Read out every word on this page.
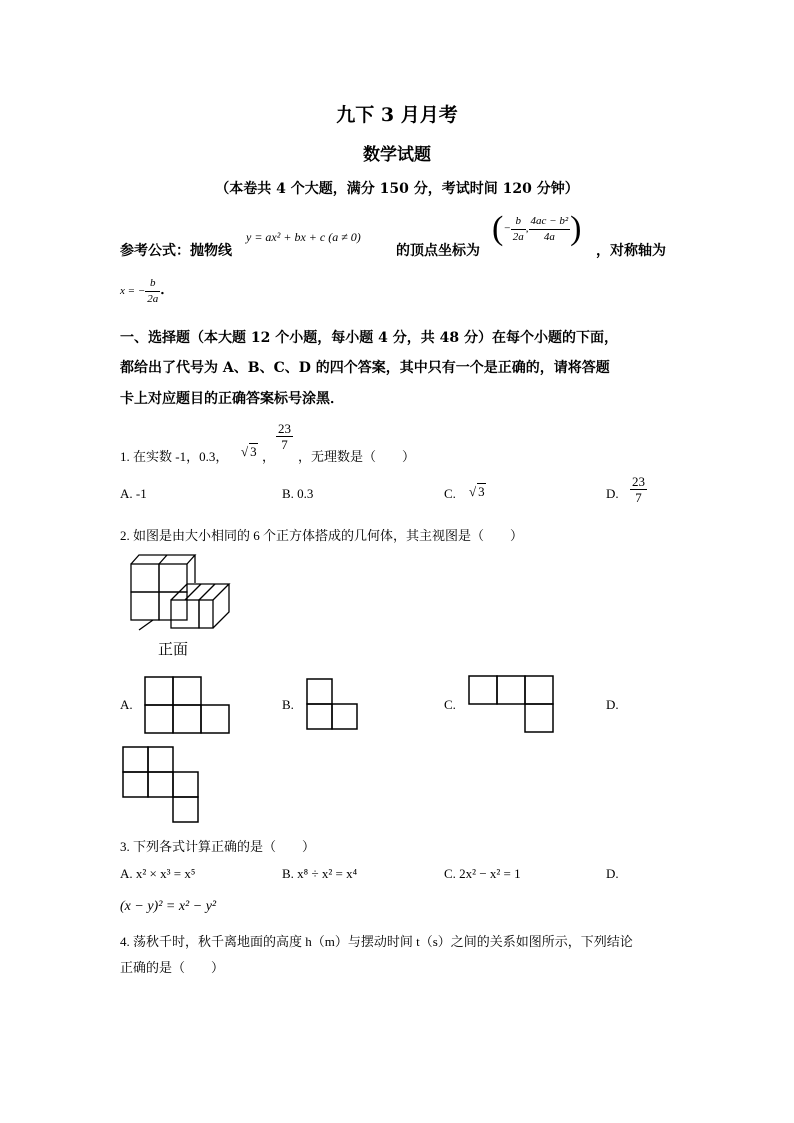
九下 3 月月考
数学试题
（本卷共 4 个大题，满分 150 分，考试时间 120 分钟）
参考公式：抛物线
y = ax² + bx + c (a ≠ 0)
的顶点坐标为
(− $\frac{b}{2a}$ , $\frac{\text{4ac − b²}}{4a}$ )
，对称轴为
x = − $\frac{b}{2a}$ ．
一、选择题（本大题 12 个小题，每小题 4 分，共 48 分）在每个小题的下面，
都给出了代号为 A、B、C、D 的四个答案，其中只有一个是正确的，请将答题
卡上对应题目的正确答案标号涂黑．
1. 在实数 -1，0.3， √ 3 ，
$\frac{23}{7}$
，无理数是（　　）
A. -1	B. 0.3	C. √ 3	D. $\frac{23}{7}$
2. 如图是由大小相同的 6 个正方体搭成的几何体，其主视图是（　　）
正面
A.	B.	C.	D.
3. 下列各式计算正确的是（　　）
A. x² × x³ = x⁵	B. x⁸ ÷ x² = x⁴	C. 2x² − x² = 1	D.
(x − y)² = x² − y²
4. 荡秋千时，秋千离地面的高度 h（m）与摆动时间 t（s）之间的关系如图所示，下列结论
正确的是（　　）
